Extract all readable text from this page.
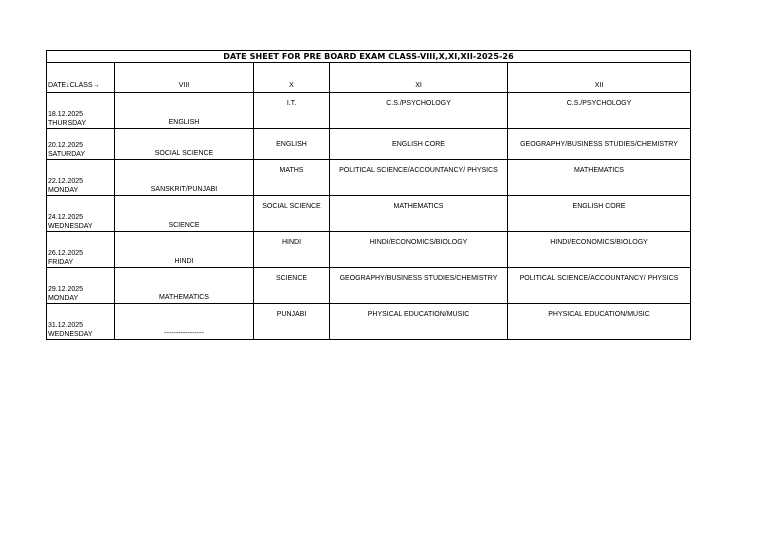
DATE SHEET FOR PRE BOARD EXAM CLASS-VIII,X,XI,XII-2025-26				
DATE↓CLASS→	VIII	X	XI	XII

18.12.2025
THURSDAY	ENGLISH	I.T.	C.S./PSYCHOLOGY	C.S./PSYCHOLOGY

20.12.2025
SATURDAY	SOCIAL SCIENCE	ENGLISH	ENGLISH CORE	GEOGRAPHY/BUSINESS STUDIES/CHEMISTRY

22.12.2025
MONDAY	SANSKRIT/PUNJABI	MATHS	POLITICAL SCIENCE/ACCOUNTANCY/ PHYSICS	MATHEMATICS

24.12.2025
WEDNESDAY	SCIENCE	SOCIAL SCIENCE	MATHEMATICS	ENGLISH CORE

26.12.2025
FRIDAY	HINDI	HINDI	HINDI/ECONOMICS/BIOLOGY	HINDI/ECONOMICS/BIOLOGY

29.12.2025
MONDAY	MATHEMATICS	SCIENCE	GEOGRAPHY/BUSINESS STUDIES/CHEMISTRY	POLITICAL SCIENCE/ACCOUNTANCY/ PHYSICS

31.12.2025
WEDNESDAY	-----------------	PUNJABI	PHYSICAL EDUCATION/MUSIC	PHYSICAL EDUCATION/MUSIC
